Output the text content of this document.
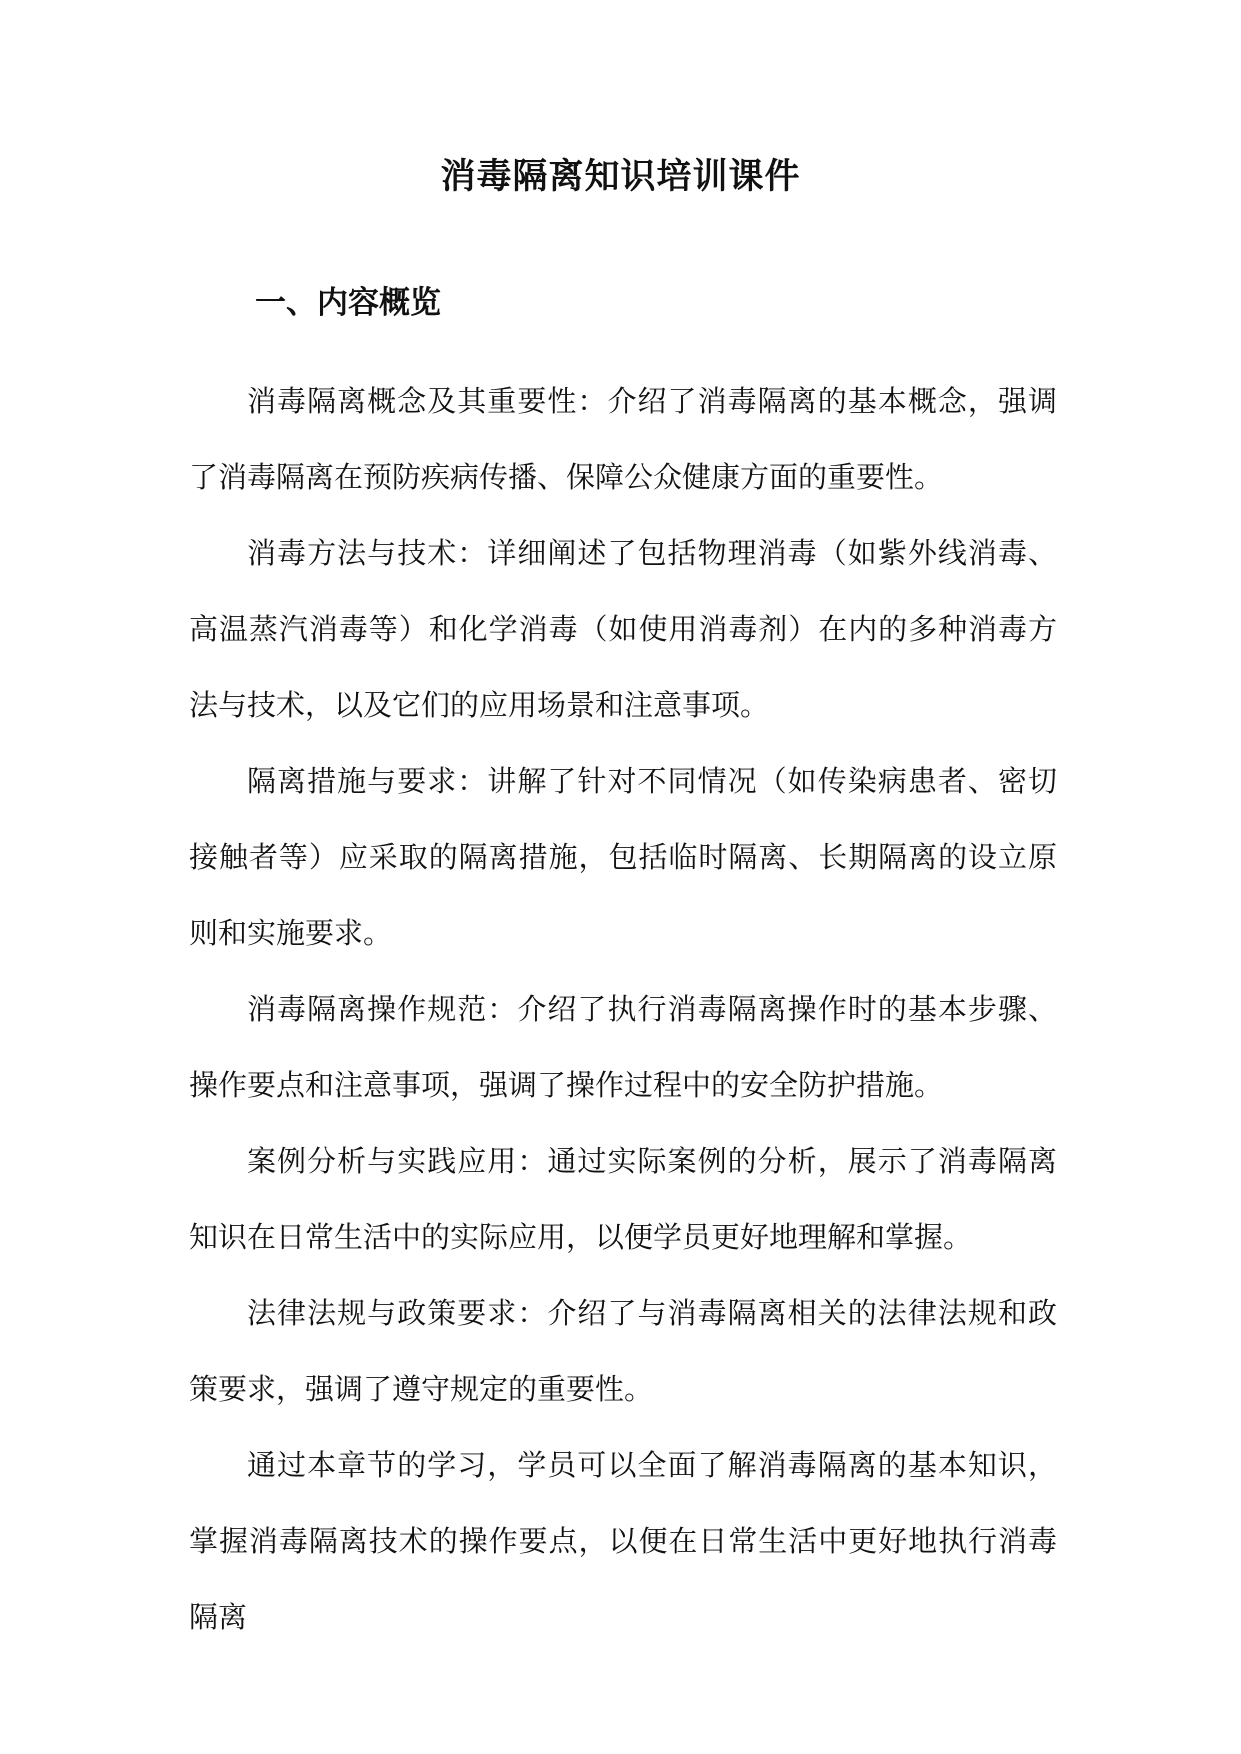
消毒隔离知识培训课件
一、内容概览

消毒隔离概念及其重要性：介绍了消毒隔离的基本概念，强调了消毒隔离在预防疾病传播、保障公众健康方面的重要性。

消毒方法与技术：详细阐述了包括物理消毒（如紫外线消毒、高温蒸汽消毒等）和化学消毒（如使用消毒剂）在内的多种消毒方法与技术，以及它们的应用场景和注意事项。

隔离措施与要求：讲解了针对不同情况（如传染病患者、密切接触者等）应采取的隔离措施，包括临时隔离、长期隔离的设立原则和实施要求。

消毒隔离操作规范：介绍了执行消毒隔离操作时的基本步骤、操作要点和注意事项，强调了操作过程中的安全防护措施。

案例分析与实践应用：通过实际案例的分析，展示了消毒隔离知识在日常生活中的实际应用，以便学员更好地理解和掌握。

法律法规与政策要求：介绍了与消毒隔离相关的法律法规和政策要求，强调了遵守规定的重要性。

通过本章节的学习，学员可以全面了解消毒隔离的基本知识，掌握消毒隔离技术的操作要点，以便在日常生活中更好地执行消毒隔离
